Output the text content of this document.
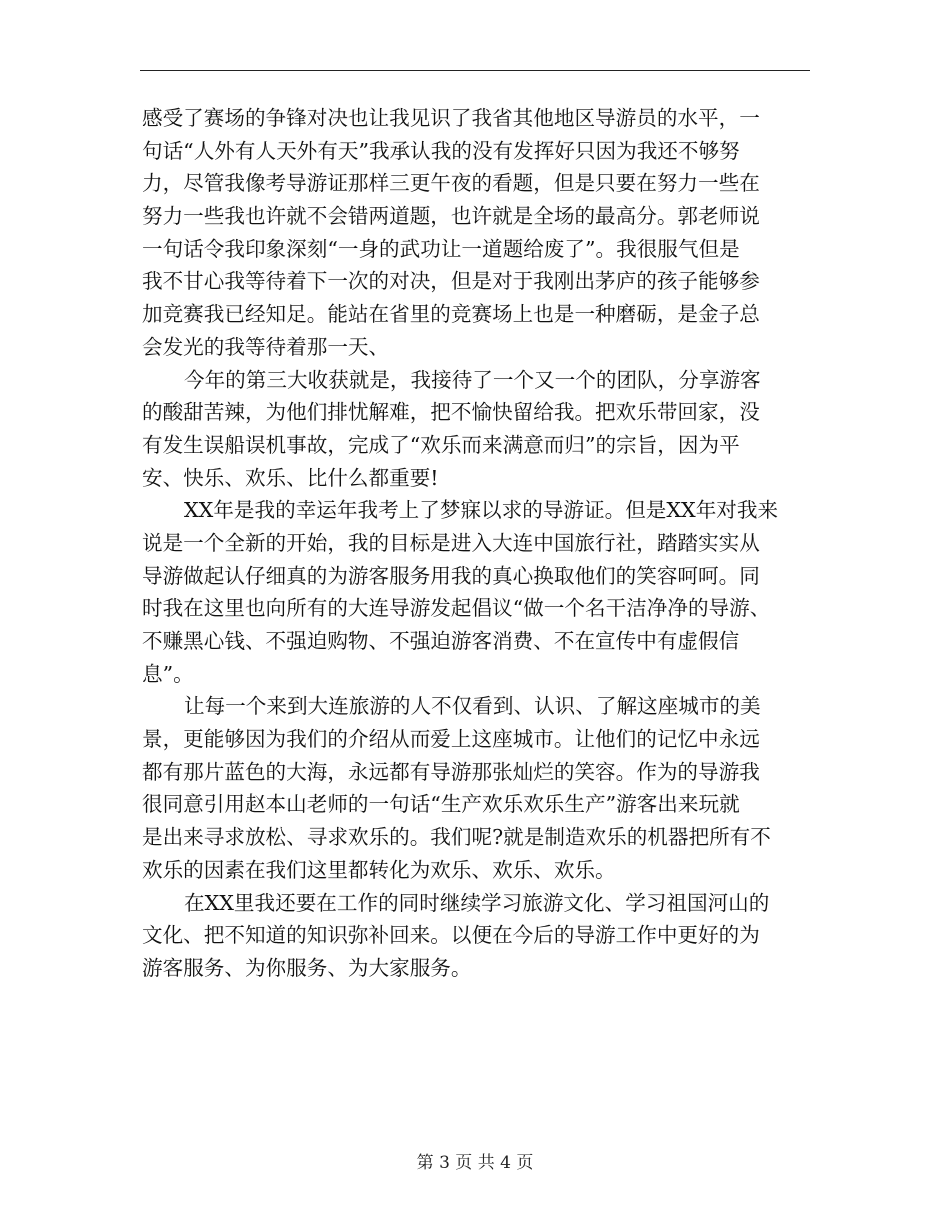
感受了赛场的争锋对决也让我见识了我省其他地区导游员的水平，一
句话“人外有人天外有天”我承认我的没有发挥好只因为我还不够努
力，尽管我像考导游证那样三更午夜的看题，但是只要在努力一些在
努力一些我也许就不会错两道题，也许就是全场的最高分。郭老师说
一句话令我印象深刻“一身的武功让一道题给废了”。我很服气但是
我不甘心我等待着下一次的对决，但是对于我刚出茅庐的孩子能够参
加竞赛我已经知足。能站在省里的竞赛场上也是一种磨砺，是金子总
会发光的我等待着那一天、
今年的第三大收获就是，我接待了一个又一个的团队，分享游客
的酸甜苦辣，为他们排忧解难，把不愉快留给我。把欢乐带回家，没
有发生误船误机事故，完成了“欢乐而来满意而归”的宗旨，因为平
安、快乐、欢乐、比什么都重要!
XX年是我的幸运年我考上了梦寐以求的导游证。但是XX年对我来
说是一个全新的开始，我的目标是进入大连中国旅行社，踏踏实实从
导游做起认仔细真的为游客服务用我的真心换取他们的笑容呵呵。同
时我在这里也向所有的大连导游发起倡议“做一个名干洁净净的导游、
不赚黑心钱、不强迫购物、不强迫游客消费、不在宣传中有虚假信
息”。
让每一个来到大连旅游的人不仅看到、认识、了解这座城市的美
景，更能够因为我们的介绍从而爱上这座城市。让他们的记忆中永远
都有那片蓝色的大海，永远都有导游那张灿烂的笑容。作为的导游我
很同意引用赵本山老师的一句话“生产欢乐欢乐生产”游客出来玩就
是出来寻求放松、寻求欢乐的。我们呢?就是制造欢乐的机器把所有不
欢乐的因素在我们这里都转化为欢乐、欢乐、欢乐。
在XX里我还要在工作的同时继续学习旅游文化、学习祖国河山的
文化、把不知道的知识弥补回来。以便在今后的导游工作中更好的为
游客服务、为你服务、为大家服务。
第 3 页 共 4 页
